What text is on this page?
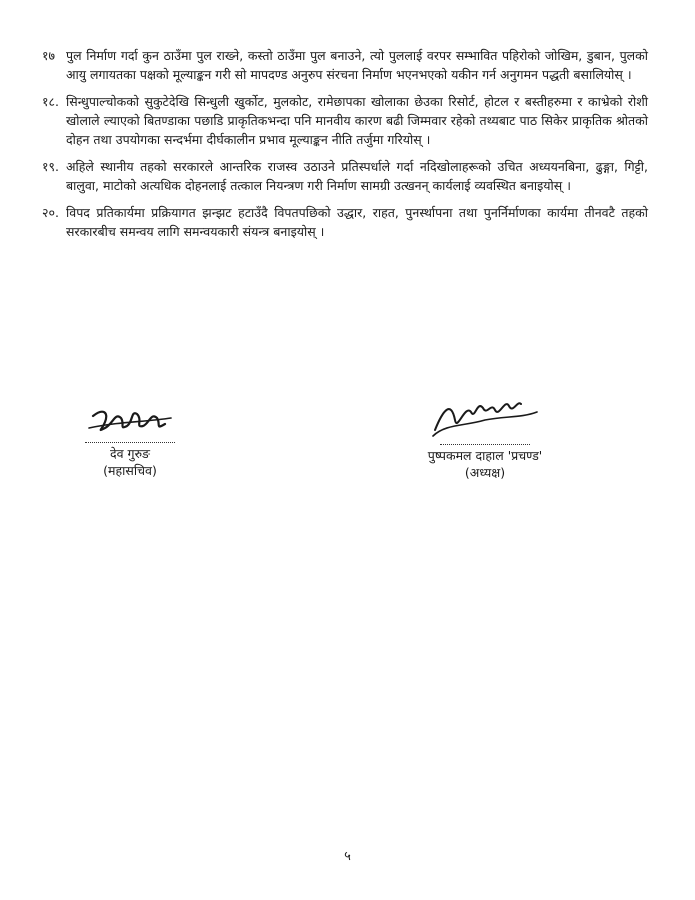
१७ पुल निर्माण गर्दा कुन ठाउँमा पुल राख्ने, कस्तो ठाउँमा पुल बनाउने, त्यो पुललाई वरपर सम्भावित पहिरोको जोखिम, डुबान, पुलको आयु लगायतका पक्षको मूल्याङ्कन गरी सो मापदण्ड अनुरुप संरचना निर्माण भएनभएको यकीन गर्न अनुगमन पद्धती बसालियोस् ।
१८. सिन्धुपाल्चोकको सुकुटेदेखि सिन्धुली खुर्कोट, मुलकोट, रामेछापका खोलाका छेउका रिसोर्ट, होटल र बस्तीहरुमा र काभ्रेको रोशी खोलाले ल्याएको बितण्डाका पछाडि प्राकृतिकभन्दा पनि मानवीय कारण बढी जिम्मवार रहेको तथ्यबाट पाठ सिकेर प्राकृतिक श्रोतको दोहन तथा उपयोगका सन्दर्भमा दीर्घकालीन प्रभाव मूल्याङ्कन नीति तर्जुमा गरियोस् ।
१९. अहिले स्थानीय तहको सरकारले आन्तरिक राजस्व उठाउने प्रतिस्पर्धाले गर्दा नदिखोलाहरूको उचित अध्ययनबिना, ढुङ्गा, गिट्टी, बालुवा, माटोको अत्यधिक दोहनलाई तत्काल नियन्त्रण गरी निर्माण सामग्री उत्खनन् कार्यलाई व्यवस्थित बनाइयोस् ।
२०. विपद प्रतिकार्यमा प्रक्रियागत झन्झट हटाउँदै विपतपछिको उद्धार, राहत, पुनर्स्थापना तथा पुनर्निर्माणका कार्यमा तीनवटै तहको सरकारबीच समन्वय लागि समन्वयकारी संयन्त्र बनाइयोस् ।
देव गुरुङ
(महासचिव)
पुष्पकमल दाहाल 'प्रचण्ड'
(अध्यक्ष)
५
